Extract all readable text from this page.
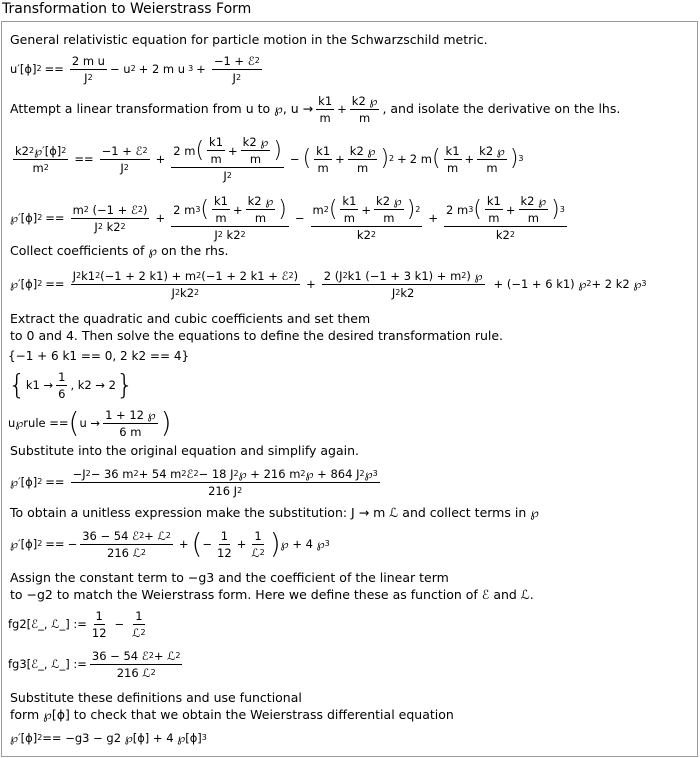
Transformation to Weierstrass Form
General relativistic equation for particle motion in the Schwarzschild metric.
u′[ϕ] $2 == \frac{\text{2 m u}}{J 2} - u$ 2 + 2 m u 3 +
−1 + ℰ 2
J 2
Attempt a linear transformation from u to ℘, u →
k1
m
+ $\frac{k2 ℘}{m}$ , and isolate the derivative on the lhs.
$\frac{k2 2 ℘'[\phi] 2}{m 2}$ ==
−1 + ℰ 2
J 2
+ 2 m ( k1
m
+ $\frac{k2 ℘}{m}$ )
J 2 − ( k1
m
+ $\frac{k2 ℘}{m}$ ) 2 + 2 m ( k1
m
+ $\frac{k2 ℘}{m}$ ) 3
℘′[ϕ] 2 ==
m 2
(−1 + ℰ 2 )
J 2
k2 2
+ 2 m 3 ( k1
m
+ $\frac{k2 ℘}{m}$ )
J 2
k2 2 − m 2 ( k1
m
+ $\frac{k2 ℘}{m}$ ) 2
k2 2 + 2 m 3 ( k1
m
+ $\frac{k2 ℘}{m}$ ) 3
k2 2
Collect coefficients of ℘ on the rhs.
℘′[ϕ] 2 ==
J 2 k1 2 (−1 + 2 k1) + m 2 (−1 + 2 k1 + ℰ 2 )
J 2 k2 2
+ $\frac{2 (J 2 k1 (-1 + 3 k1) + m 2 ) ℘}{J 2 k2} + (-1 + 6$ k1) ℘ 2 + 2 k2 ℘ 3
Extract the quadratic and cubic coefficients and set them
to 0 and 4. Then solve the equations to define the desired transformation rule.
{−1 + 6 k1 == 0, 2 k2 == 4}
{ k1 →
1
6
, k2 → 2 }
u℘rule == ( u →
1 + 12 ℘
6 m )
Substitute into the original equation and simplify again.
℘′[ϕ] 2 ==
−J 2 − 36 m 2 + 54 m 2 ℰ 2 − 18 J 2 ℘ + 216 m 2 ℘ + 864 J 2 ℘ 3
216 J 2
To obtain a unitless expression make the substitution: J → m ℒ and collect terms in ℘
℘′[ϕ] 2 == −
36 − 54 ℰ 2 + ℒ 2
216 ℒ 2
+ ( − $\frac{1}{12}$ +
1
ℒ 2 ) ℘ + 4 ℘ 3
Assign the constant term to −g3 and the coefficient of the linear term
to −g2 to match the Weierstrass form. Here we define these as function of ℰ and ℒ.
fg2[ℰ_, ℒ_] := $\frac{1}{12}$ −
1
ℒ 2
fg3[ℰ_, ℒ_] :=
36 − 54 ℰ 2 + ℒ 2
216 ℒ 2
Substitute these definitions and use functional
form ℘[ϕ] to check that we obtain the Weierstrass differential equation
℘′[ϕ] 2 == −g3 − g2 ℘[ϕ] + 4 ℘[ϕ] 3
